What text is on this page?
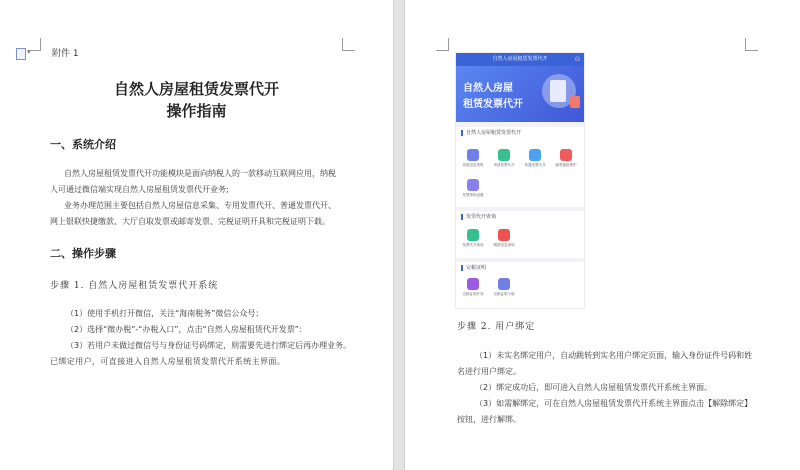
▾ 附件 1
自然人房屋租赁发票代开
操作指南
一、系统介绍
自然人房屋租赁发票代开功能模块是面向纳税人的一款移动互联网应用，纳税
人可通过微信端实现自然人房屋租赁发票代开业务;
业务办理范围主要包括自然人房屋信息采集、专用发票代开、普通发票代开、
网上银联快捷缴款、大厅自取发票或邮寄发票、完税证明开具和完税证明下载。
二、操作步骤
步骤 1. 自然人房屋租赁发票代开系统
（1）使用手机打开微信，关注“海南税务”微信公众号；
（2）选择“微办税”-“办税入口”，点击“自然人房屋租赁代开发票”：
（3）若用户未做过微信号与身份证号码绑定，则需要先进行绑定后再办理业务。
已绑定用户，可直接进入自然人房屋租赁发票代开系统主界面。
步骤 2. 用户绑定
（1）未实名绑定用户，自动跳转到实名用户绑定页面，输入身份证件号码和姓
名进行用户绑定。
（2）绑定成功后，即可进入自然人房屋租赁发票代开系统主界面。
（3）如需解绑定，可在自然人房屋租赁发票代开系统主界面点击【解除绑定】
按钮，进行解绑。
自然人房屋租赁发票代开	⚇
自然人房屋
租赁发票代开
自然人房屋租赁发票代开
房屋信息采集	申请发票代开	普通发票代开	邮寄地址维护
发票领取设置
发票代开查询
发票代开查询	缴款信息查询
完税证明
完税证明开具	完税证明下载
